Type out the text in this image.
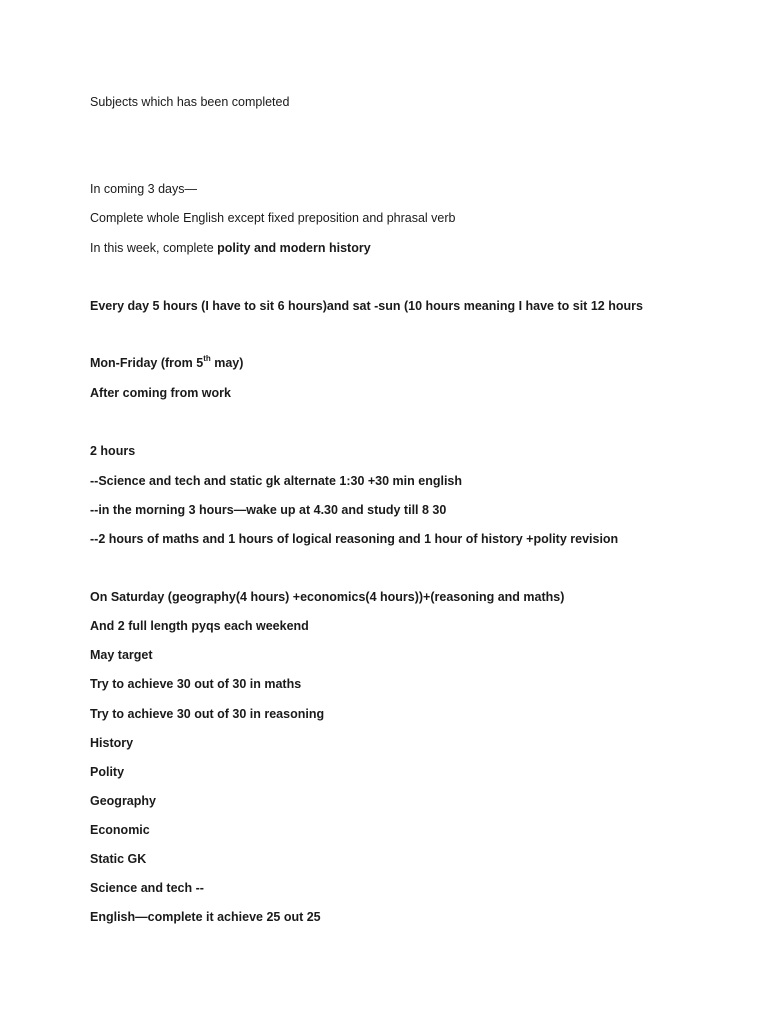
Subjects which has been completed
In coming 3 days—
Complete whole English except fixed preposition and phrasal verb
In this week, complete polity and modern history
Every day 5 hours (I have to sit 6 hours)and sat -sun (10 hours meaning I have to sit 12 hours
Mon-Friday (from 5th may)
After coming from work
2 hours
--Science and tech and static gk alternate 1:30 +30 min english
--in the morning 3 hours—wake up at 4.30 and study till 8 30
--2 hours of maths and 1 hours of logical reasoning and 1 hour of history +polity revision
On Saturday (geography(4 hours) +economics(4 hours))+(reasoning and maths)
And 2 full length pyqs each weekend
May target
Try to achieve 30 out of 30 in maths
Try to achieve 30 out of 30 in reasoning
History
Polity
Geography
Economic
Static GK
Science and tech --
English—complete it achieve 25 out 25
